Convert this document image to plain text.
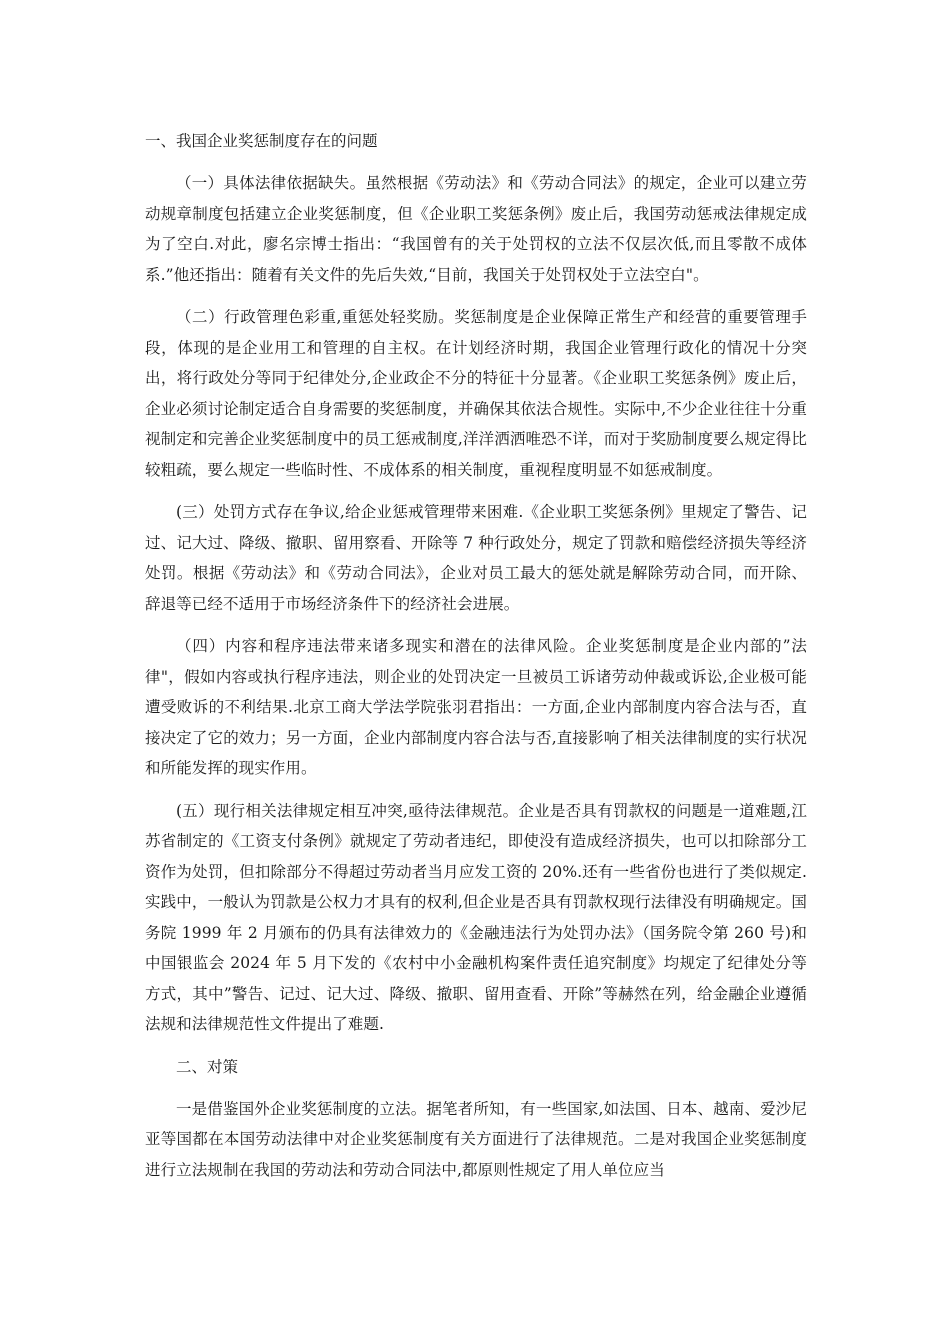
一、我国企业奖惩制度存在的问题

（一）具体法律依据缺失。虽然根据《劳动法》和《劳动合同法》的规定，企业可以建立劳动规章制度包括建立企业奖惩制度，但《企业职工奖惩条例》废止后，我国劳动惩戒法律规定成为了空白.对此，廖名宗博士指出：“我国曾有的关于处罚权的立法不仅层次低,而且零散不成体系.”他还指出：随着有关文件的先后失效,“目前，我国关于处罚权处于立法空白"。

（二）行政管理色彩重,重惩处轻奖励。奖惩制度是企业保障正常生产和经营的重要管理手段，体现的是企业用工和管理的自主权。在计划经济时期，我国企业管理行政化的情况十分突出，将行政处分等同于纪律处分,企业政企不分的特征十分显著。《企业职工奖惩条例》废止后，企业必须讨论制定适合自身需要的奖惩制度，并确保其依法合规性。实际中,不少企业往往十分重视制定和完善企业奖惩制度中的员工惩戒制度,洋洋洒洒唯恐不详，而对于奖励制度要么规定得比较粗疏，要么规定一些临时性、不成体系的相关制度，重视程度明显不如惩戒制度。

(三）处罚方式存在争议,给企业惩戒管理带来困难.《企业职工奖惩条例》里规定了警告、记过、记大过、降级、撤职、留用察看、开除等 7 种行政处分，规定了罚款和赔偿经济损失等经济处罚。根据《劳动法》和《劳动合同法》，企业对员工最大的惩处就是解除劳动合同，而开除、辞退等已经不适用于市场经济条件下的经济社会进展。

（四）内容和程序违法带来诸多现实和潜在的法律风险。企业奖惩制度是企业内部的”法律"，假如内容或执行程序违法，则企业的处罚决定一旦被员工诉诸劳动仲裁或诉讼,企业极可能遭受败诉的不利结果.北京工商大学法学院张羽君指出：一方面,企业内部制度内容合法与否，直接决定了它的效力；另一方面，企业内部制度内容合法与否,直接影响了相关法律制度的实行状况和所能发挥的现实作用。

(五）现行相关法律规定相互冲突,亟待法律规范。企业是否具有罚款权的问题是一道难题,江苏省制定的《工资支付条例》就规定了劳动者违纪，即使没有造成经济损失，也可以扣除部分工资作为处罚，但扣除部分不得超过劳动者当月应发工资的 20%.还有一些省份也进行了类似规定.实践中，一般认为罚款是公权力才具有的权利,但企业是否具有罚款权现行法律没有明确规定。国务院 1999 年 2 月颁布的仍具有法律效力的《金融违法行为处罚办法》（国务院令第 260 号)和中国银监会 2024 年 5 月下发的《农村中小金融机构案件责任追究制度》均规定了纪律处分等方式，其中”警告、记过、记大过、降级、撤职、留用查看、开除”等赫然在列，给金融企业遵循法规和法律规范性文件提出了难题.

二、对策

一是借鉴国外企业奖惩制度的立法。据笔者所知，有一些国家,如法国、日本、越南、爱沙尼亚等国都在本国劳动法律中对企业奖惩制度有关方面进行了法律规范。二是对我国企业奖惩制度进行立法规制在我国的劳动法和劳动合同法中,都原则性规定了用人单位应当
